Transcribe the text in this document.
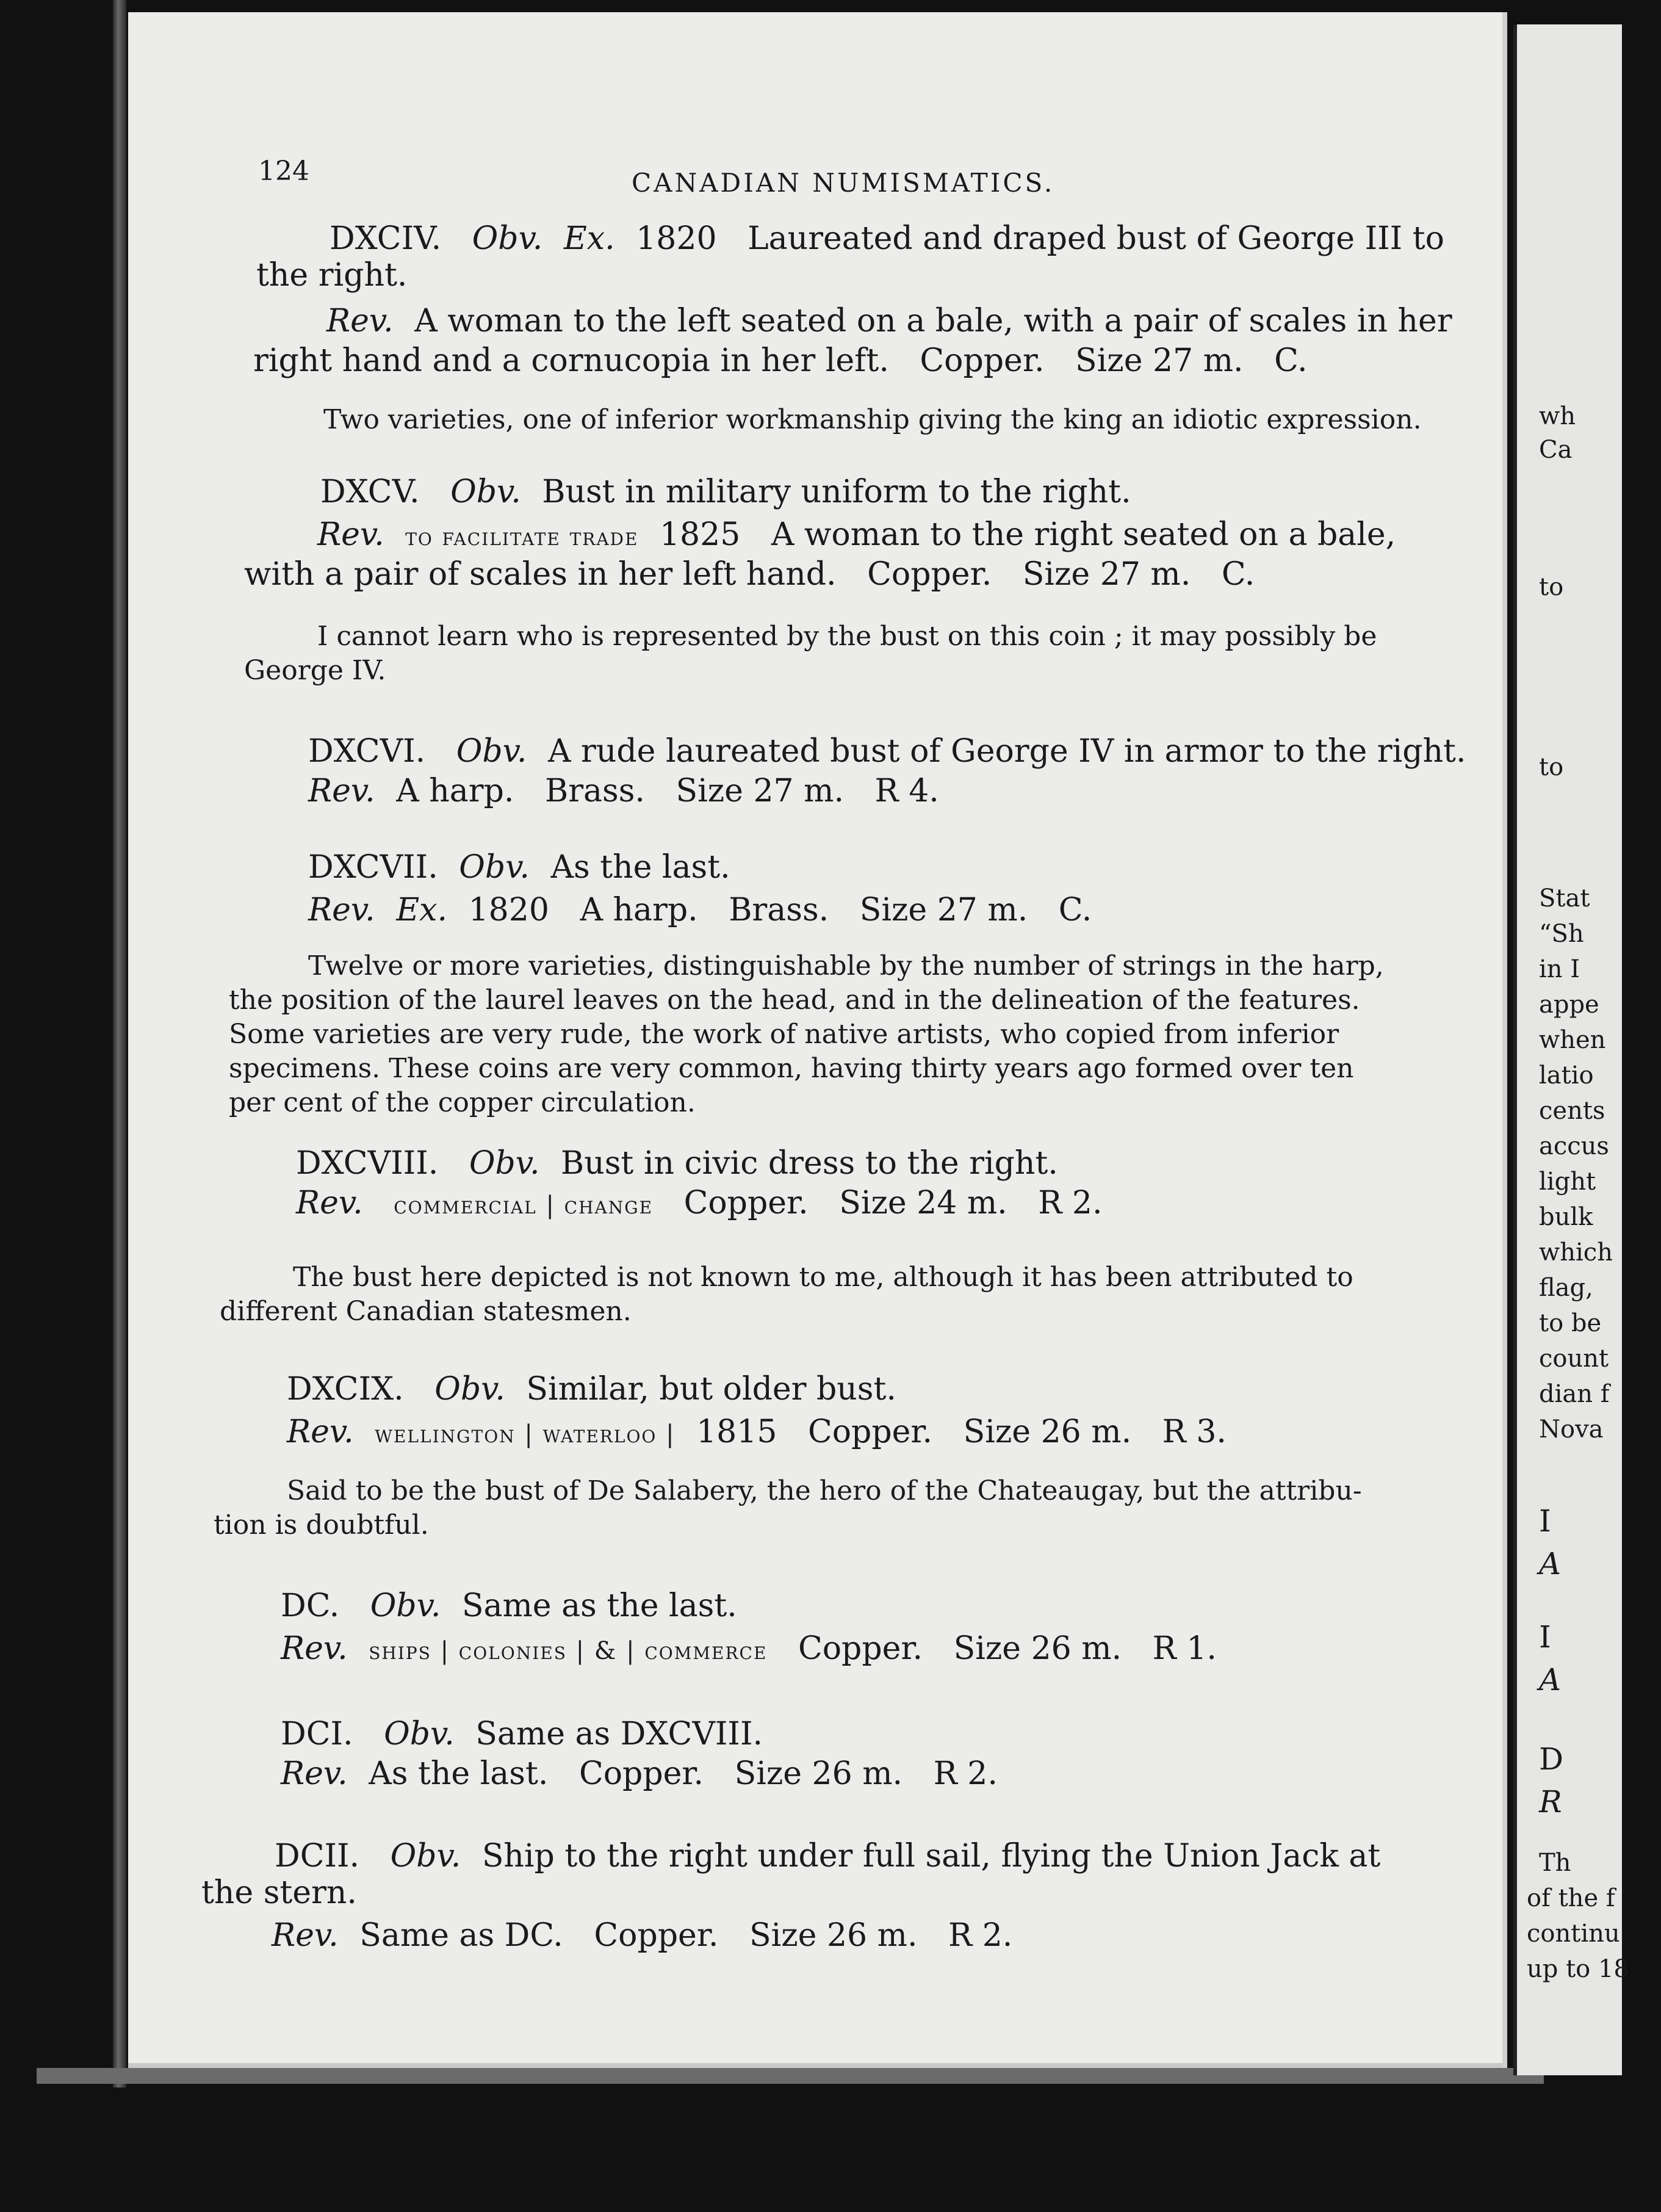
124	CANADIAN NUMISMATICS.

DXCIV. Obv. Ex. 1820 Laureated and draped bust of George III to

the right.

Rev. A woman to the left seated on a bale, with a pair of scales in her

right hand and a cornucopia in her left. Copper. Size 27 m. C.

Two varieties, one of inferior workmanship giving the king an idiotic expression.

DXCV. Obv. Bust in military uniform to the right.

Rev. to facilitate trade 1825 A woman to the right seated on a bale,

with a pair of scales in her left hand. Copper. Size 27 m. C.

I cannot learn who is represented by the bust on this coin ; it may possibly be
George IV.

DXCVI. Obv. A rude laureated bust of George IV in armor to the right.

Rev. A harp. Brass. Size 27 m. R 4.

DXCVII. Obv. As the last.

Rev. Ex. 1820 A harp. Brass. Size 27 m. C.

Twelve or more varieties, distinguishable by the number of strings in the harp,
the position of the laurel leaves on the head, and in the delineation of the features.
Some varieties are very rude, the work of native artists, who copied from inferior
specimens. These coins are very common, having thirty years ago formed over ten
per cent of the copper circulation.

DXCVIII. Obv. Bust in civic dress to the right.

Rev. commercial | change Copper. Size 24 m. R 2.

The bust here depicted is not known to me, although it has been attributed to
different Canadian statesmen.

DXCIX. Obv. Similar, but older bust.

Rev. wellington | waterloo | 1815 Copper. Size 26 m. R 3.

Said to be the bust of De Salabery, the hero of the Chateaugay, but the attribu-
tion is doubtful.

DC. Obv. Same as the last.

Rev. ships | colonies | & | commerce Copper. Size 26 m. R 1.

DCI. Obv. Same as DXCVIII.

Rev. As the last. Copper. Size 26 m. R 2.

DCII. Obv. Ship to the right under full sail, flying the Union Jack at

the stern.

Rev. Same as DC. Copper. Size 26 m. R 2.

wh
Ca
to
to
Stat
“Sh
in I
appe
when
latio
cents
accus
light
bulk
which
flag,
to be
count
dian f
Nova
I
A
I
A
D
R
Th
of the f
continu
up to 18
